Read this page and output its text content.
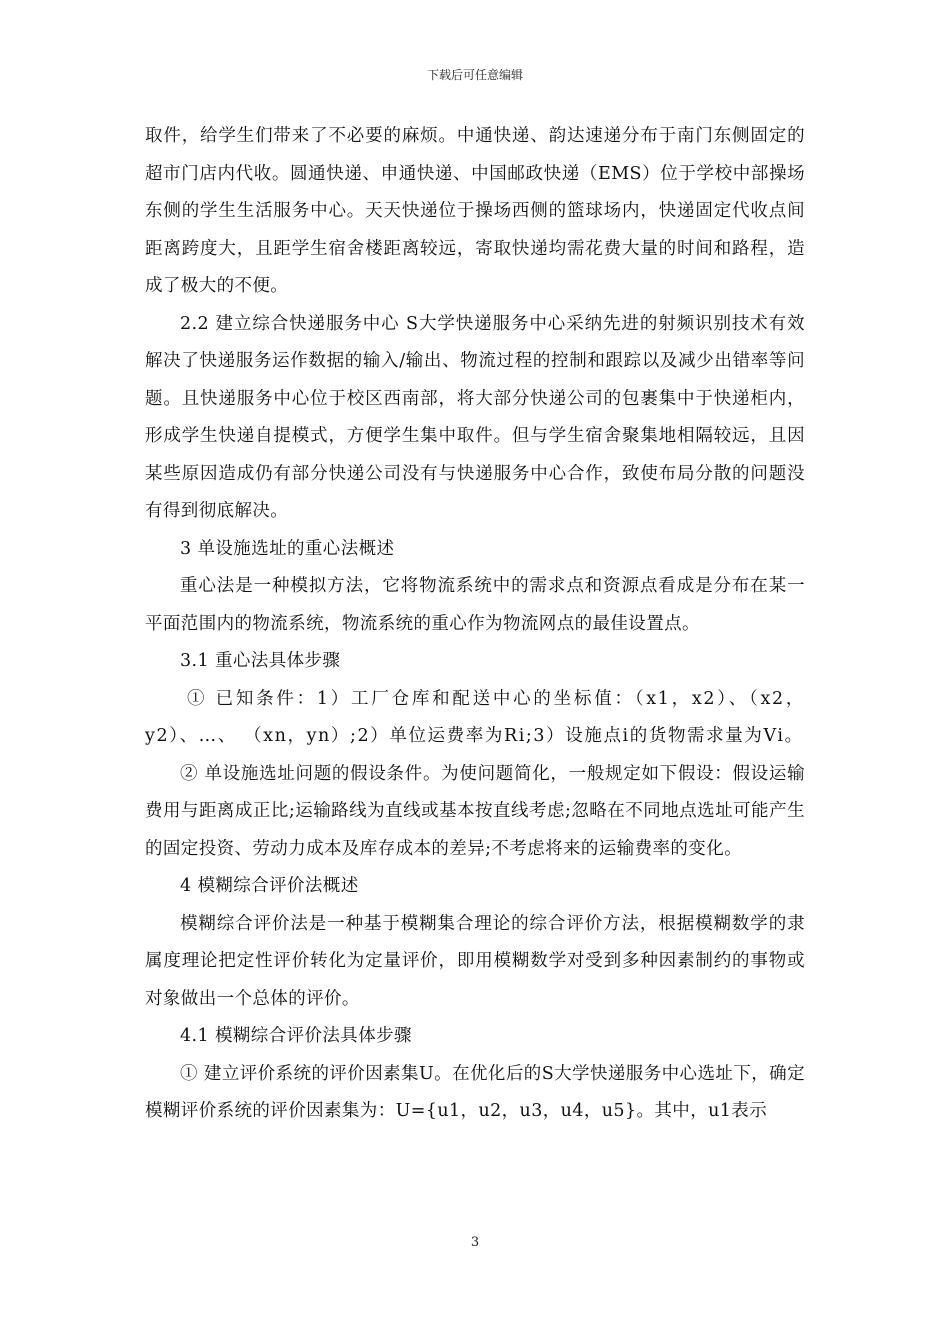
下载后可任意编辑

取件，给学生们带来了不必要的麻烦。中通快递、韵达速递分布于南门东侧固定的超市门店内代收。圆通快递、申通快递、中国邮政快递（EMS）位于学校中部操场东侧的学生生活服务中心。天天快递位于操场西侧的篮球场内，快递固定代收点间距离跨度大，且距学生宿舍楼距离较远，寄取快递均需花费大量的时间和路程，造成了极大的不便。

2.2 建立综合快递服务中心 S大学快递服务中心采纳先进的射频识别技术有效解决了快递服务运作数据的输入/输出、物流过程的控制和跟踪以及减少出错率等问题。且快递服务中心位于校区西南部，将大部分快递公司的包裹集中于快递柜内，形成学生快递自提模式，方便学生集中取件。但与学生宿舍聚集地相隔较远，且因某些原因造成仍有部分快递公司没有与快递服务中心合作，致使布局分散的问题没有得到彻底解决。

3 单设施选址的重心法概述

重心法是一种模拟方法，它将物流系统中的需求点和资源点看成是分布在某一平面范围内的物流系统，物流系统的重心作为物流网点的最佳设置点。

3.1 重心法具体步骤

① 已知条件：1）工厂仓库和配送中心的坐标值：（x1，x2）、（x2，y2）、…、 （xn，yn）;2）单位运费率为Ri;3）设施点i的货物需求量为Vi。

② 单设施选址问题的假设条件。为使问题简化，一般规定如下假设：假设运输费用与距离成正比;运输路线为直线或基本按直线考虑;忽略在不同地点选址可能产生的固定投资、劳动力成本及库存成本的差异;不考虑将来的运输费率的变化。

4 模糊综合评价法概述

模糊综合评价法是一种基于模糊集合理论的综合评价方法，根据模糊数学的隶属度理论把定性评价转化为定量评价，即用模糊数学对受到多种因素制约的事物或对象做出一个总体的评价。

4.1 模糊综合评价法具体步骤

① 建立评价系统的评价因素集U。在优化后的S大学快递服务中心选址下，确定模糊评价系统的评价因素集为：U={u1，u2，u3，u4，u5}。其中，u1表示

3
